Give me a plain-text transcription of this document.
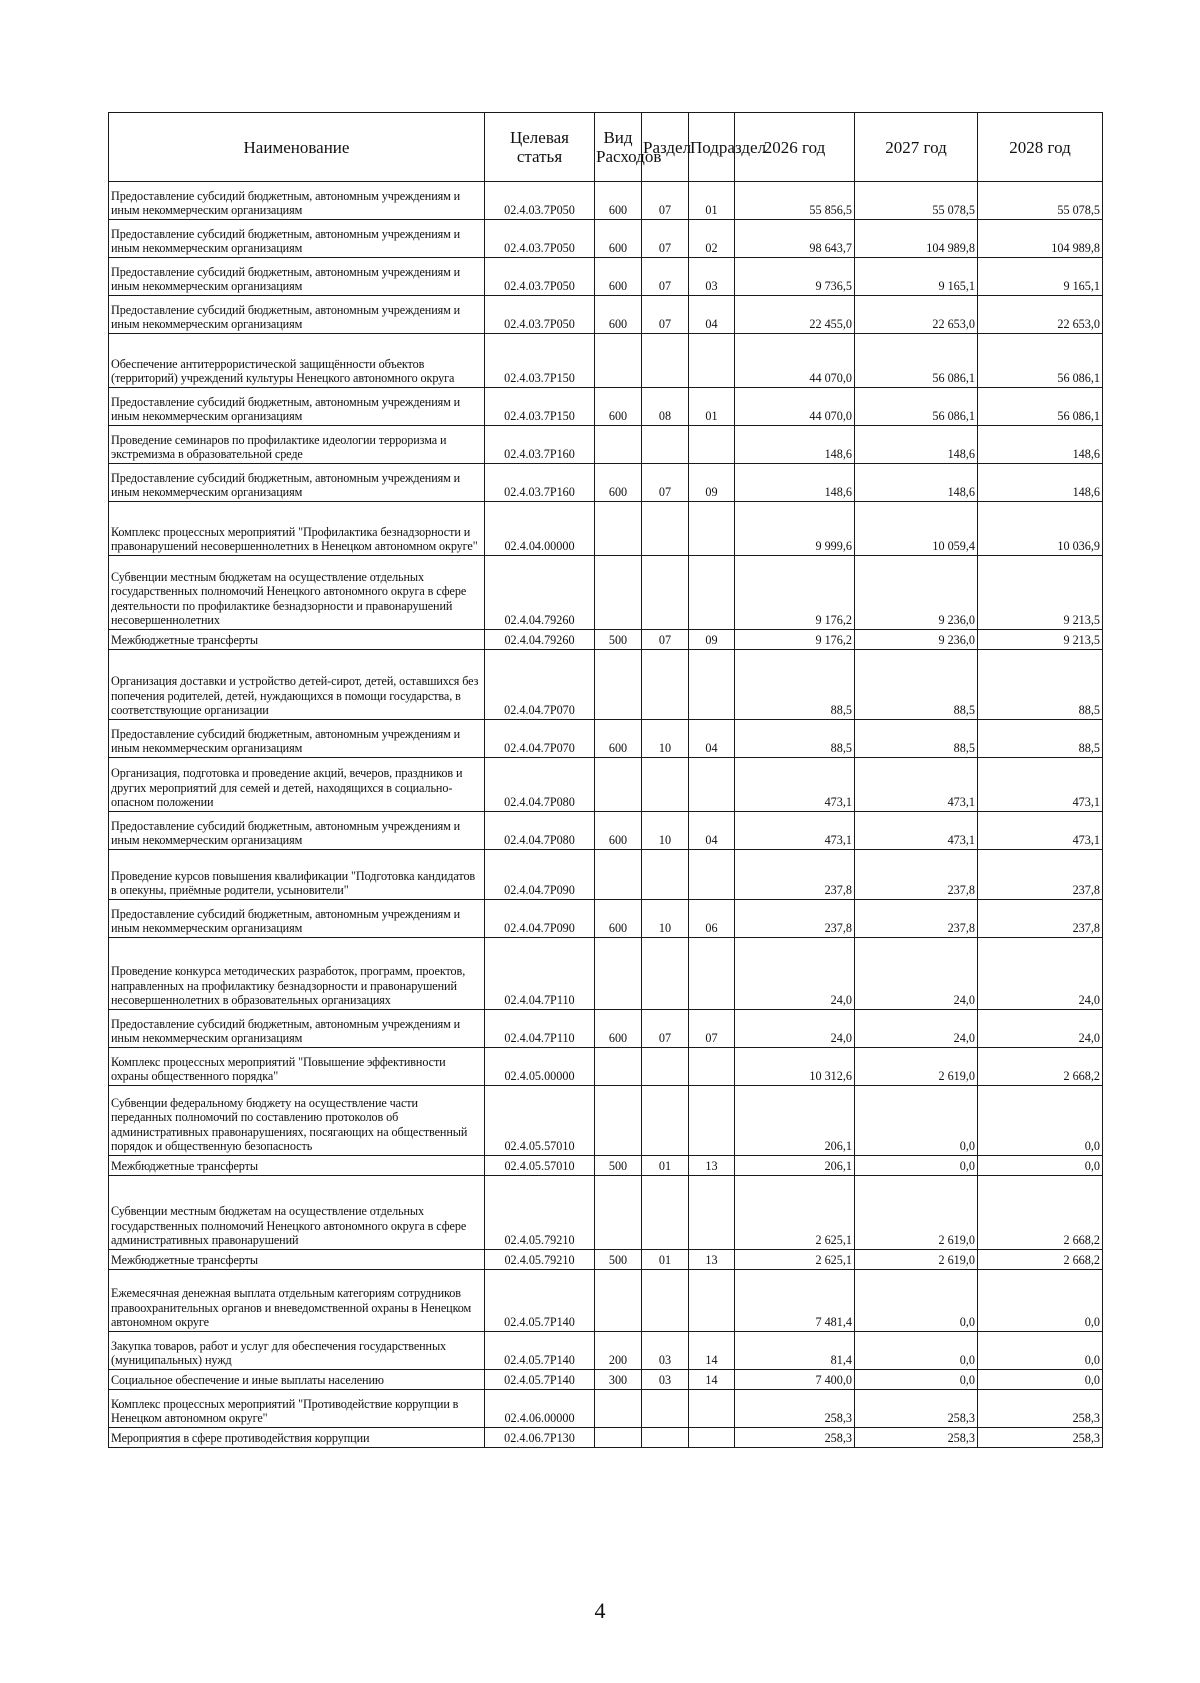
Наименование	Целевая статья	Вид Расходов	Раздел	Подраздел	2026 год	2027 год	2028 год
Предоставление субсидий бюджетным, автономным учреждениям и иным некоммерческим организациям	02.4.03.7Р050	600	07	01	55 856,5	55 078,5	55 078,5
Предоставление субсидий бюджетным, автономным учреждениям и иным некоммерческим организациям	02.4.03.7Р050	600	07	02	98 643,7	104 989,8	104 989,8
Предоставление субсидий бюджетным, автономным учреждениям и иным некоммерческим организациям	02.4.03.7Р050	600	07	03	9 736,5	9 165,1	9 165,1
Предоставление субсидий бюджетным, автономным учреждениям и иным некоммерческим организациям	02.4.03.7Р050	600	07	04	22 455,0	22 653,0	22 653,0
Обеспечение антитеррористической защищённости объектов (территорий) учреждений культуры Ненецкого автономного округа	02.4.03.7Р150				44 070,0	56 086,1	56 086,1
Предоставление субсидий бюджетным, автономным учреждениям и иным некоммерческим организациям	02.4.03.7Р150	600	08	01	44 070,0	56 086,1	56 086,1
Проведение семинаров по профилактике идеологии терроризма и экстремизма в образовательной среде	02.4.03.7Р160				148,6	148,6	148,6
Предоставление субсидий бюджетным, автономным учреждениям и иным некоммерческим организациям	02.4.03.7Р160	600	07	09	148,6	148,6	148,6
Комплекс процессных мероприятий "Профилактика безнадзорности и правонарушений несовершеннолетних в Ненецком автономном округе"	02.4.04.00000				9 999,6	10 059,4	10 036,9
Субвенции местным бюджетам на осуществление отдельных государственных полномочий Ненецкого автономного округа в сфере деятельности по профилактике безнадзорности и правонарушений несовершеннолетних	02.4.04.79260				9 176,2	9 236,0	9 213,5
Межбюджетные трансферты	02.4.04.79260	500	07	09	9 176,2	9 236,0	9 213,5
Организация доставки и устройство детей-сирот, детей, оставшихся без попечения родителей, детей, нуждающихся в помощи государства, в соответствующие организации	02.4.04.7Р070				88,5	88,5	88,5
Предоставление субсидий бюджетным, автономным учреждениям и иным некоммерческим организациям	02.4.04.7Р070	600	10	04	88,5	88,5	88,5
Организация, подготовка и проведение акций, вечеров, праздников и других мероприятий для семей и детей, находящихся в социально-опасном положении	02.4.04.7Р080				473,1	473,1	473,1
Предоставление субсидий бюджетным, автономным учреждениям и иным некоммерческим организациям	02.4.04.7Р080	600	10	04	473,1	473,1	473,1
Проведение курсов повышения квалификации "Подготовка кандидатов в опекуны, приёмные родители, усыновители"	02.4.04.7Р090				237,8	237,8	237,8
Предоставление субсидий бюджетным, автономным учреждениям и иным некоммерческим организациям	02.4.04.7Р090	600	10	06	237,8	237,8	237,8
Проведение конкурса методических разработок, программ, проектов, направленных на профилактику безнадзорности и правонарушений несовершеннолетних в образовательных организациях	02.4.04.7Р110				24,0	24,0	24,0
Предоставление субсидий бюджетным, автономным учреждениям и иным некоммерческим организациям	02.4.04.7Р110	600	07	07	24,0	24,0	24,0
Комплекс процессных мероприятий "Повышение эффективности охраны общественного порядка"	02.4.05.00000				10 312,6	2 619,0	2 668,2
Субвенции федеральному бюджету на осуществление части переданных полномочий по составлению протоколов об административных правонарушениях, посягающих на общественный порядок и общественную безопасность	02.4.05.57010				206,1	0,0	0,0
Межбюджетные трансферты	02.4.05.57010	500	01	13	206,1	0,0	0,0
Субвенции местным бюджетам на осуществление отдельных государственных полномочий Ненецкого автономного округа в сфере административных правонарушений	02.4.05.79210				2 625,1	2 619,0	2 668,2
Межбюджетные трансферты	02.4.05.79210	500	01	13	2 625,1	2 619,0	2 668,2
Ежемесячная денежная выплата отдельным категориям сотрудников правоохранительных органов и вневедомственной охраны в Ненецком автономном округе	02.4.05.7Р140				7 481,4	0,0	0,0
Закупка товаров, работ и услуг для обеспечения государственных (муниципальных) нужд	02.4.05.7Р140	200	03	14	81,4	0,0	0,0
Социальное обеспечение и иные выплаты населению	02.4.05.7Р140	300	03	14	7 400,0	0,0	0,0
Комплекс процессных мероприятий "Противодействие коррупции в Ненецком автономном округе"	02.4.06.00000				258,3	258,3	258,3
Мероприятия в сфере противодействия коррупции	02.4.06.7Р130				258,3	258,3	258,3
4
